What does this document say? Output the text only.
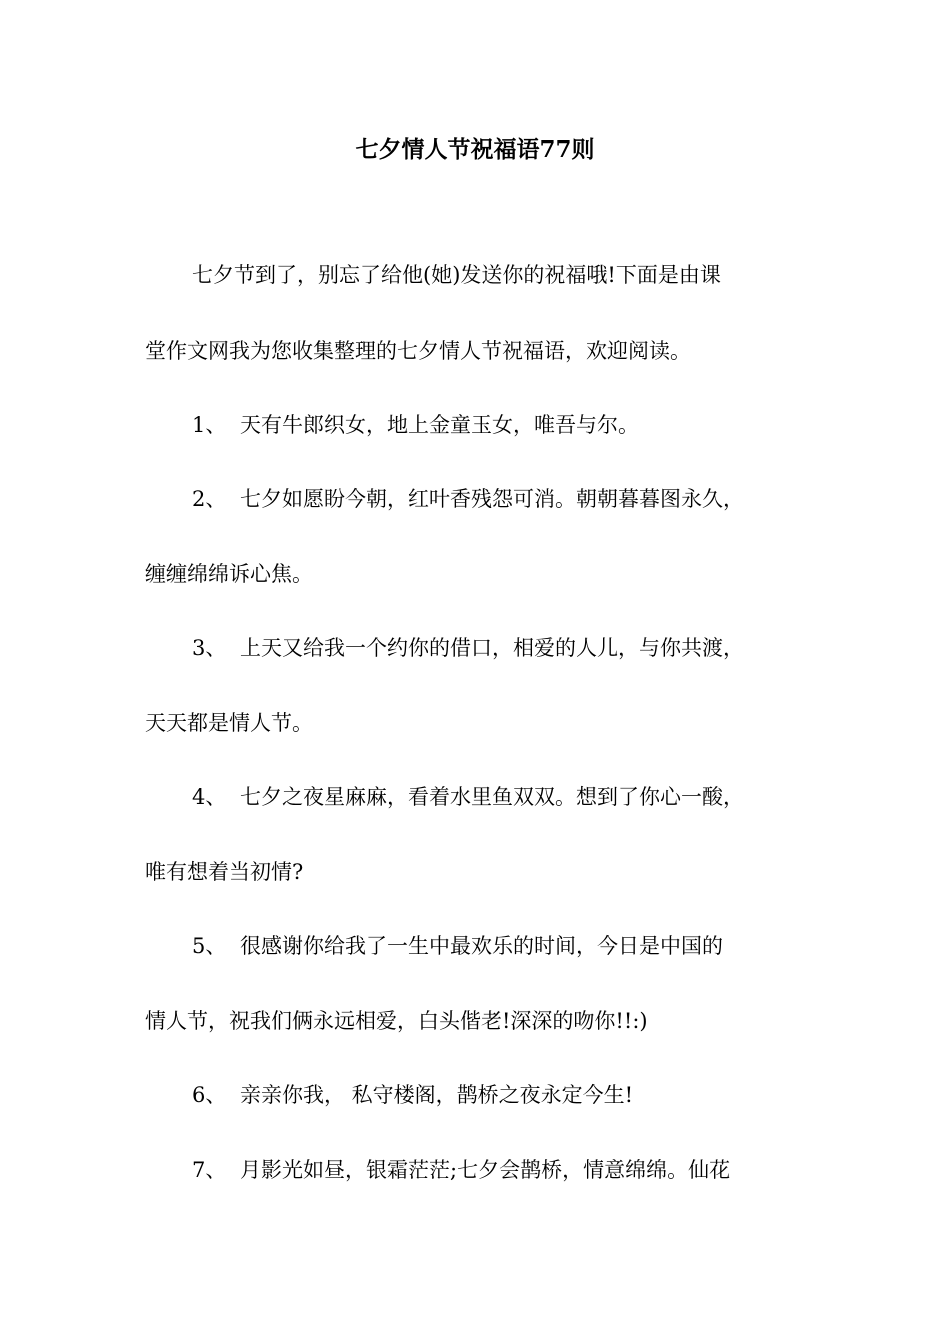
七夕情人节祝福语77则
七夕节到了，别忘了给他(她)发送你的祝福哦!下面是由课
堂作文网我为您收集整理的七夕情人节祝福语，欢迎阅读。
1、 天有牛郎织女，地上金童玉女，唯吾与尔。
2、 七夕如愿盼今朝，红叶香残怨可消。朝朝暮暮图永久，
缠缠绵绵诉心焦。
3、 上天又给我一个约你的借口，相爱的人儿，与你共渡，
天天都是情人节。
4、 七夕之夜星麻麻，看着水里鱼双双。想到了你心一酸，
唯有想着当初情?
5、 很感谢你给我了一生中最欢乐的时间，今日是中国的
情人节，祝我们俩永远相爱，白头偕老!深深的吻你!!:)
6、 亲亲你我， 私守楼阁，鹊桥之夜永定今生!
7、 月影光如昼，银霜茫茫;七夕会鹊桥，情意绵绵。仙花
